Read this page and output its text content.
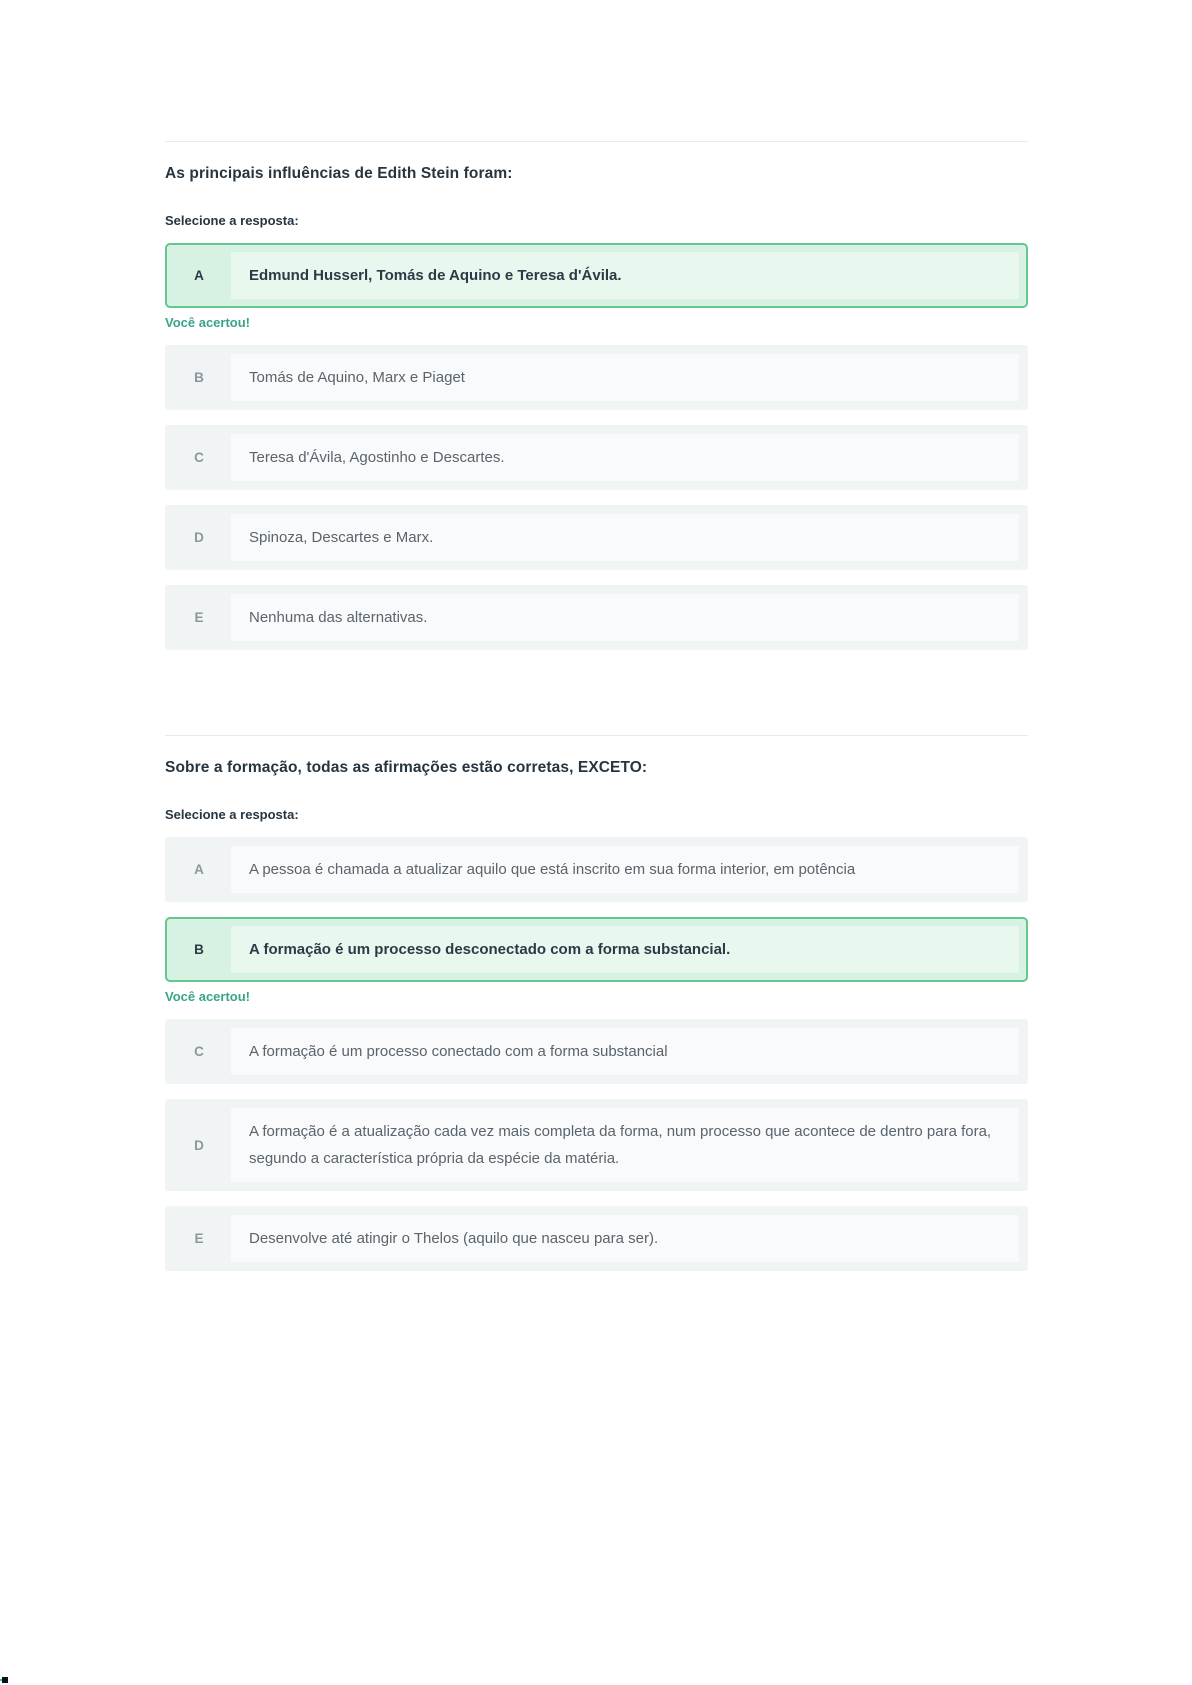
As principais influências de Edith Stein foram:
Selecione a resposta:
A	Edmund Husserl, Tomás de Aquino e Teresa d'Ávila.
Você acertou!
B	Tomás de Aquino, Marx e Piaget
C	Teresa d'Ávila, Agostinho e Descartes.
D	Spinoza, Descartes e Marx.
E	Nenhuma das alternativas.
Sobre a formação, todas as afirmações estão corretas, EXCETO:
Selecione a resposta:
A	A pessoa é chamada a atualizar aquilo que está inscrito em sua forma interior, em potência
B	A formação é um processo desconectado com a forma substancial.
Você acertou!
C	A formação é um processo conectado com a forma substancial
D
A formação é a atualização cada vez mais completa da forma, num processo que acontece de dentro para fora, segundo a característica própria da espécie da matéria.
E	Desenvolve até atingir o Thelos (aquilo que nasceu para ser).
